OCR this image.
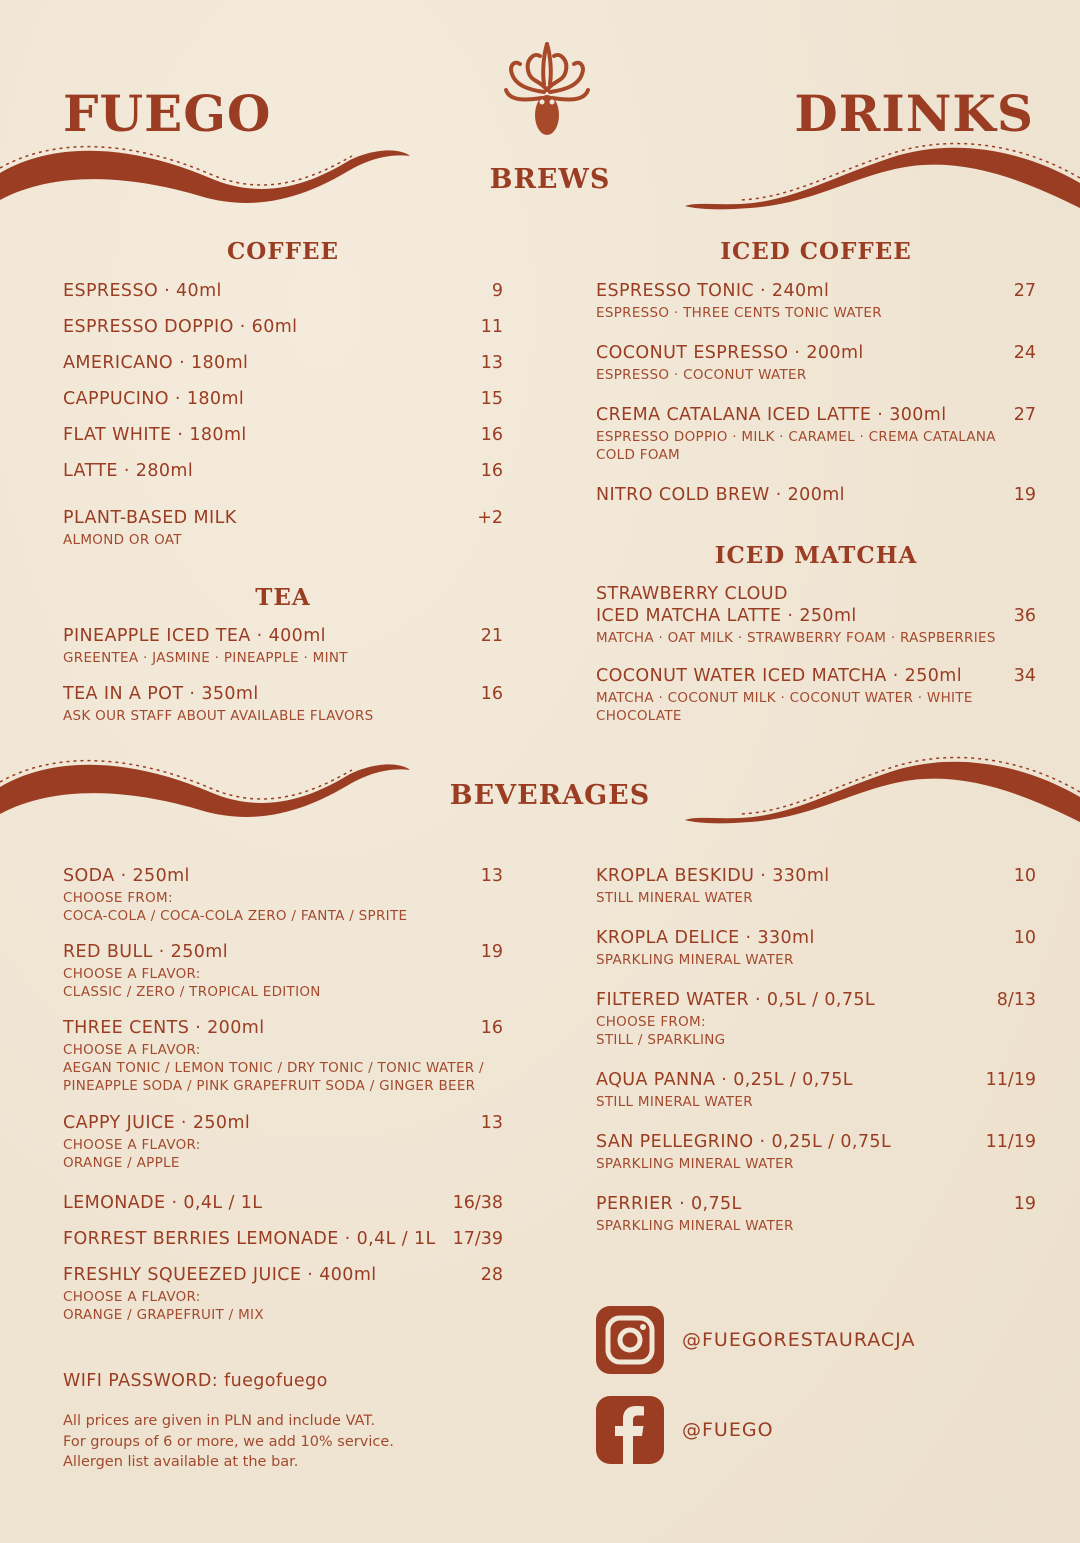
FUEGO	DRINKS
BREWS
BEVERAGES
COFFEE
ESPRESSO · 40ml	9
ESPRESSO DOPPIO · 60ml	11
AMERICANO · 180ml	13
CAPPUCINO · 180ml	15
FLAT WHITE · 180ml	16
LATTE · 280ml	16
PLANT-BASED MILK	+2
ALMOND OR OAT
TEA
PINEAPPLE ICED TEA · 400ml	21
GREENTEA · JASMINE · PINEAPPLE · MINT
TEA IN A POT · 350ml	16
ASK OUR STAFF ABOUT AVAILABLE FLAVORS
ICED COFFEE
ESPRESSO TONIC · 240ml	27
ESPRESSO · THREE CENTS TONIC WATER
COCONUT ESPRESSO · 200ml	24
ESPRESSO · COCONUT WATER
CREMA CATALANA ICED LATTE · 300ml	27
ESPRESSO DOPPIO · MILK · CARAMEL · CREMA CATALANA
COLD FOAM
NITRO COLD BREW · 200ml	19
ICED MATCHA
STRAWBERRY CLOUD
ICED MATCHA LATTE · 250ml	36
MATCHA · OAT MILK · STRAWBERRY FOAM · RASPBERRIES
COCONUT WATER ICED MATCHA · 250ml	34
MATCHA · COCONUT MILK · COCONUT WATER · WHITE
CHOCOLATE
SODA · 250ml	13
CHOOSE FROM:
COCA-COLA / COCA-COLA ZERO / FANTA / SPRITE
RED BULL · 250ml	19
CHOOSE A FLAVOR:
CLASSIC / ZERO / TROPICAL EDITION
THREE CENTS · 200ml	16
CHOOSE A FLAVOR:
AEGAN TONIC / LEMON TONIC / DRY TONIC / TONIC WATER /
PINEAPPLE SODA / PINK GRAPEFRUIT SODA / GINGER BEER
CAPPY JUICE · 250ml	13
CHOOSE A FLAVOR:
ORANGE / APPLE
LEMONADE · 0,4L / 1L	16/38
FORREST BERRIES LEMONADE · 0,4L / 1L 17/39
FRESHLY SQUEEZED JUICE · 400ml	28
CHOOSE A FLAVOR:
ORANGE / GRAPEFRUIT / MIX
KROPLA BESKIDU · 330ml	10
STILL MINERAL WATER
KROPLA DELICE · 330ml	10
SPARKLING MINERAL WATER
FILTERED WATER · 0,5L / 0,75L	8/13
CHOOSE FROM:
STILL / SPARKLING
AQUA PANNA · 0,25L / 0,75L	11/19
STILL MINERAL WATER
SAN PELLEGRINO · 0,25L / 0,75L	11/19
SPARKLING MINERAL WATER
PERRIER · 0,75L	19
SPARKLING MINERAL WATER
WIFI PASSWORD: fuegofuego
All prices are given in PLN and include VAT.
For groups of 6 or more, we add 10% service.
Allergen list available at the bar.
@FUEGORESTAURACJA
@FUEGO
